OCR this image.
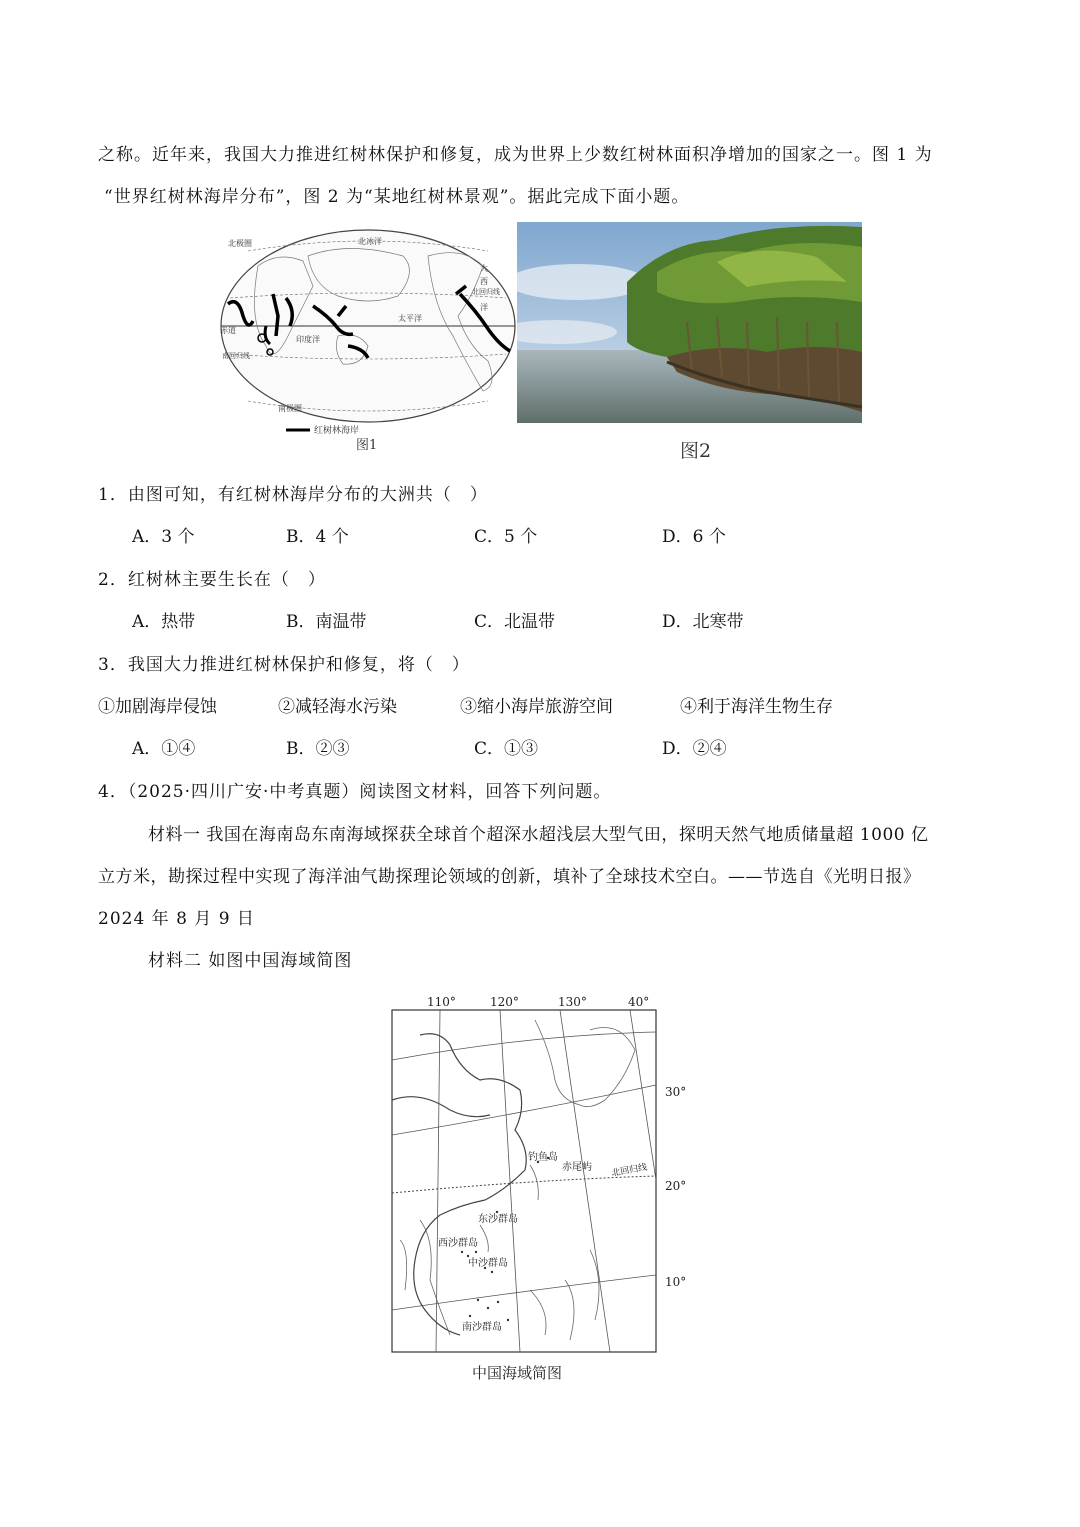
之称。近年来，我国大力推进红树林保护和修复，成为世界上少数红树林面积净增加的国家之一。图 1 为
“世界红树林海岸分布”，图 2 为“某地红树林景观”。据此完成下面小题。
北极圈	北冰洋
大
西
洋
北回归线
赤道
太平洋
印度洋
南回归线
南极圈
红树林海岸
图1	图2
1．由图可知，有红树林海岸分布的大洲共（　）
A．3 个	B．4 个	C．5 个	D．6 个
2．红树林主要生长在（　）
A．热带	B．南温带	C．北温带	D．北寒带
3．我国大力推进红树林保护和修复，将（　）
①加剧海岸侵蚀	②减轻海水污染	③缩小海岸旅游空间	④利于海洋生物生存
A．①④	B．②③	C．①③	D．②④
4．（2025·四川广安·中考真题）阅读图文材料，回答下列问题。
材料一 我国在海南岛东南海域探获全球首个超深水超浅层大型气田，探明天然气地质储量超 1000 亿
立方米，勘探过程中实现了海洋油气勘探理论领域的创新，填补了全球技术空白。——节选自《光明日报》
2024 年 8 月 9 日
材料二 如图中国海域简图
110°	120°	130°	40°
30°
20°
10°
钓鱼岛
赤尾屿 北回归线
东沙群岛
西沙群岛
中沙群岛
南沙群岛
中国海域简图
